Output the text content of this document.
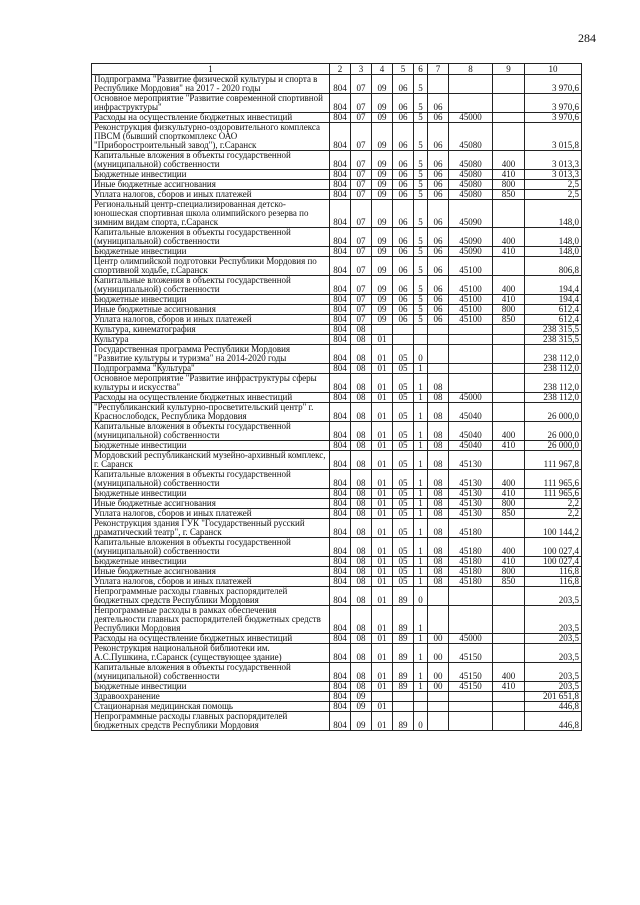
284
1	2	3	4	5	6	7	8	9	10
Подпрограмма "Развитие физической культуры и спорта в Республике Мордовия" на 2017 - 2020 годы	804	07	09	06	5				3 970,6
Основное мероприятие "Развитие современной спортивной инфраструктуры"	804	07	09	06	5	06			3 970,6
Расходы на осуществление бюджетных инвестиций	804	07	09	06	5	06	45000		3 970,6
Реконструкция физкультурно-оздоровительного комплекса ПВСМ (бывший спорткомплекс ОАО "Приборостроительный завод"), г.Саранск	804	07	09	06	5	06	45080		3 015,8
Капитальные вложения в объекты государственной (муниципальной) собственности	804	07	09	06	5	06	45080	400	3 013,3
Бюджетные инвестиции	804	07	09	06	5	06	45080	410	3 013,3
Иные бюджетные ассигнования	804	07	09	06	5	06	45080	800	2,5
Уплата налогов, сборов и иных платежей	804	07	09	06	5	06	45080	850	2,5
Региональный центр-специализированная детско-юношеская спортивная школа олимпийского резерва по зимним видам спорта, г.Саранск	804	07	09	06	5	06	45090		148,0
Капитальные вложения в объекты государственной (муниципальной) собственности	804	07	09	06	5	06	45090	400	148,0
Бюджетные инвестиции	804	07	09	06	5	06	45090	410	148,0
Центр олимпийской подготовки Республики Мордовия по спортивной ходьбе, г.Саранск	804	07	09	06	5	06	45100		806,8
Капитальные вложения в объекты государственной (муниципальной) собственности	804	07	09	06	5	06	45100	400	194,4
Бюджетные инвестиции	804	07	09	06	5	06	45100	410	194,4
Иные бюджетные ассигнования	804	07	09	06	5	06	45100	800	612,4
Уплата налогов, сборов и иных платежей	804	07	09	06	5	06	45100	850	612,4
Культура, кинематография	804	08							238 315,5
Культура	804	08	01						238 315,5
Государственная программа Республики Мордовия "Развитие культуры и туризма" на 2014-2020 годы	804	08	01	05	0				238 112,0
Подпрограмма "Культура"	804	08	01	05	1				238 112,0
Основное мероприятие "Развитие инфраструктуры сферы культуры и искусства"	804	08	01	05	1	08			238 112,0
Расходы на осуществление бюджетных инвестиций	804	08	01	05	1	08	45000		238 112,0
"Республиканский культурно-просветительский центр" г. Краснослободск, Республика Мордовия	804	08	01	05	1	08	45040		26 000,0
Капитальные вложения в объекты государственной (муниципальной) собственности	804	08	01	05	1	08	45040	400	26 000,0
Бюджетные инвестиции	804	08	01	05	1	08	45040	410	26 000,0
Мордовский республиканский музейно-архивный комплекс, г. Саранск	804	08	01	05	1	08	45130		111 967,8
Капитальные вложения в объекты государственной (муниципальной) собственности	804	08	01	05	1	08	45130	400	111 965,6
Бюджетные инвестиции	804	08	01	05	1	08	45130	410	111 965,6
Иные бюджетные ассигнования	804	08	01	05	1	08	45130	800	2,2
Уплата налогов, сборов и иных платежей	804	08	01	05	1	08	45130	850	2,2
Реконструкция здания ГУК "Государственный русский драматический театр", г. Саранск	804	08	01	05	1	08	45180		100 144,2
Капитальные вложения в объекты государственной (муниципальной) собственности	804	08	01	05	1	08	45180	400	100 027,4
Бюджетные инвестиции	804	08	01	05	1	08	45180	410	100 027,4
Иные бюджетные ассигнования	804	08	01	05	1	08	45180	800	116,8
Уплата налогов, сборов и иных платежей	804	08	01	05	1	08	45180	850	116,8
Непрограммные расходы главных распорядителей бюджетных средств Республики Мордовия	804	08	01	89	0				203,5
Непрограммные расходы в рамках обеспечения деятельности главных распорядителей бюджетных средств Республики Мордовия	804	08	01	89	1				203,5
Расходы на осуществление бюджетных инвестиций	804	08	01	89	1	00	45000		203,5
Реконструкция национальной библиотеки им. А.С.Пушкина, г.Саранск (существующее здание)	804	08	01	89	1	00	45150		203,5
Капитальные вложения в объекты государственной (муниципальной) собственности	804	08	01	89	1	00	45150	400	203,5
Бюджетные инвестиции	804	08	01	89	1	00	45150	410	203,5
Здравоохранение	804	09							201 651,8
Стационарная медицинская помощь	804	09	01						446,8
Непрограммные расходы главных распорядителей бюджетных средств Республики Мордовия	804	09	01	89	0				446,8
